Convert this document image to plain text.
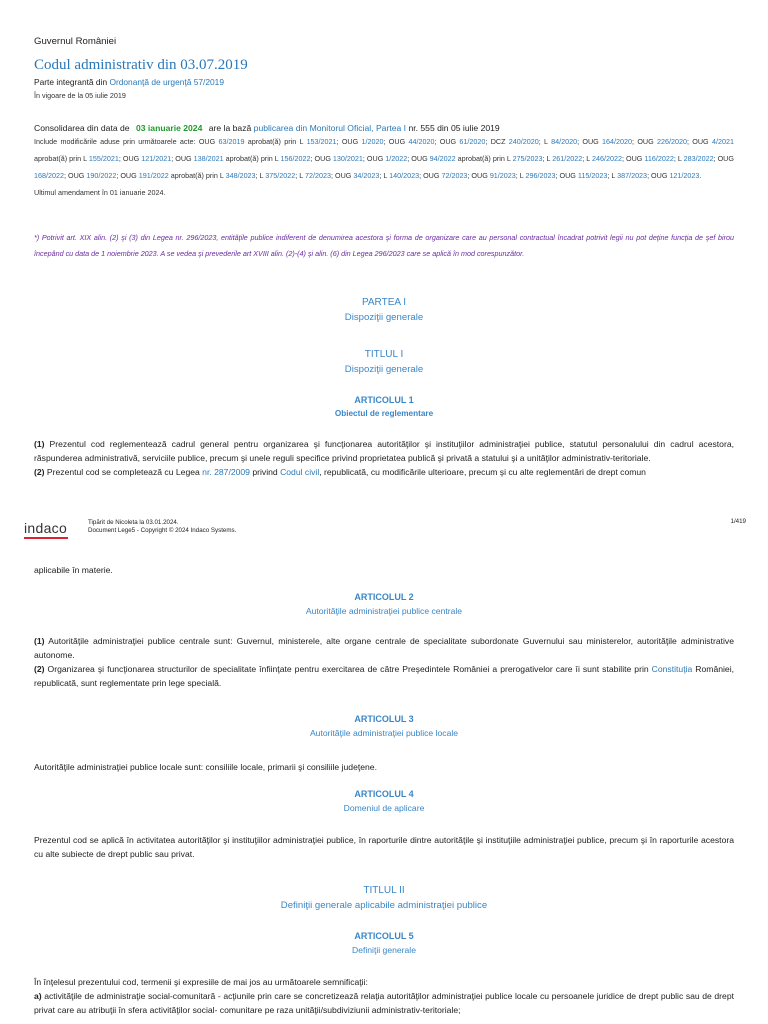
Guvernul României
Codul administrativ din 03.07.2019
Parte integrantă din Ordonanţă de urgenţă 57/2019
În vigoare de la 05 iulie 2019
Consolidarea din data de 03 ianuarie 2024 are la bază publicarea din Monitorul Oficial, Partea I nr. 555 din 05 iulie 2019
Include modificările aduse prin următoarele acte: OUG 63/2019 aprobat(ă) prin L 153/2021; OUG 1/2020; OUG 44/2020; OUG 61/2020; DCZ 240/2020; L 84/2020; OUG 164/2020; OUG 226/2020; OUG 4/2021 aprobat(ă) prin L 155/2021; OUG 121/2021; OUG 138/2021 aprobat(ă) prin L 156/2022; OUG 130/2021; OUG 1/2022; OUG 94/2022 aprobat(ă) prin L 275/2023; L 261/2022; L 246/2022; OUG 116/2022; L 283/2022; OUG 168/2022; OUG 190/2022; OUG 191/2022 aprobat(ă) prin L 348/2023; L 375/2022; L 72/2023; OUG 34/2023; L 140/2023; OUG 72/2023; OUG 91/2023; L 296/2023; OUG 115/2023; L 387/2023; OUG 121/2023.
Ultimul amendament în 01 ianuarie 2024.
*) Potrivit art. XIX alin. (2) şi (3) din Legea nr. 296/2023, entităţile publice indiferent de denumirea acestora şi forma de organizare care au personal contractual încadrat potrivit legii nu pot deţine funcţia de şef birou începând cu data de 1 noiembrie 2023. A se vedea şi prevederile art XVIII alin. (2)-(4) şi alin. (6) din Legea 296/2023 care se aplică în mod corespunzător.
PARTEA I
Dispoziţii generale
TITLUL I
Dispoziţii generale
ARTICOLUL 1
Obiectul de reglementare
(1) Prezentul cod reglementează cadrul general pentru organizarea şi funcţionarea autorităţilor şi instituţiilor administraţiei publice, statutul personalului din cadrul acestora, răspunderea administrativă, serviciile publice, precum şi unele reguli specifice privind proprietatea publică şi privată a statului şi a unităţilor administrativ-teritoriale.
(2) Prezentul cod se completează cu Legea nr. 287/2009 privind Codul civil, republicată, cu modificările ulterioare, precum şi cu alte reglementări de drept comun
indaco	Tipărit de Nicoleta la 03.01.2024.
Document Lege5 - Copyright © 2024 Indaco Systems.
1/419
aplicabile în materie.
ARTICOLUL 2
Autorităţile administraţiei publice centrale
(1) Autorităţile administraţiei publice centrale sunt: Guvernul, ministerele, alte organe centrale de specialitate subordonate Guvernului sau ministerelor, autorităţile administrative autonome.
(2) Organizarea şi funcţionarea structurilor de specialitate înfiinţate pentru exercitarea de către Preşedintele României a prerogativelor care îi sunt stabilite prin Constituţia României, republicată, sunt reglementate prin lege specială.
ARTICOLUL 3
Autorităţile administraţiei publice locale
Autorităţile administraţiei publice locale sunt: consiliile locale, primarii şi consiliile judeţene.
ARTICOLUL 4
Domeniul de aplicare
Prezentul cod se aplică în activitatea autorităţilor şi instituţiilor administraţiei publice, în raporturile dintre autorităţile şi instituţiile administraţiei publice, precum şi în raporturile acestora cu alte subiecte de drept public sau privat.
TITLUL II
Definiţii generale aplicabile administraţiei publice
ARTICOLUL 5
Definiţii generale
În înţelesul prezentului cod, termenii şi expresiile de mai jos au următoarele semnificaţii:
a) activităţile de administraţie social-comunitară - acţiunile prin care se concretizează relaţia autorităţilor administraţiei publice locale cu persoanele juridice de drept public sau de drept privat care au atribuţii în sfera activităţilor social- comunitare pe raza unităţii/subdiviziunii administrativ-teritoriale;
